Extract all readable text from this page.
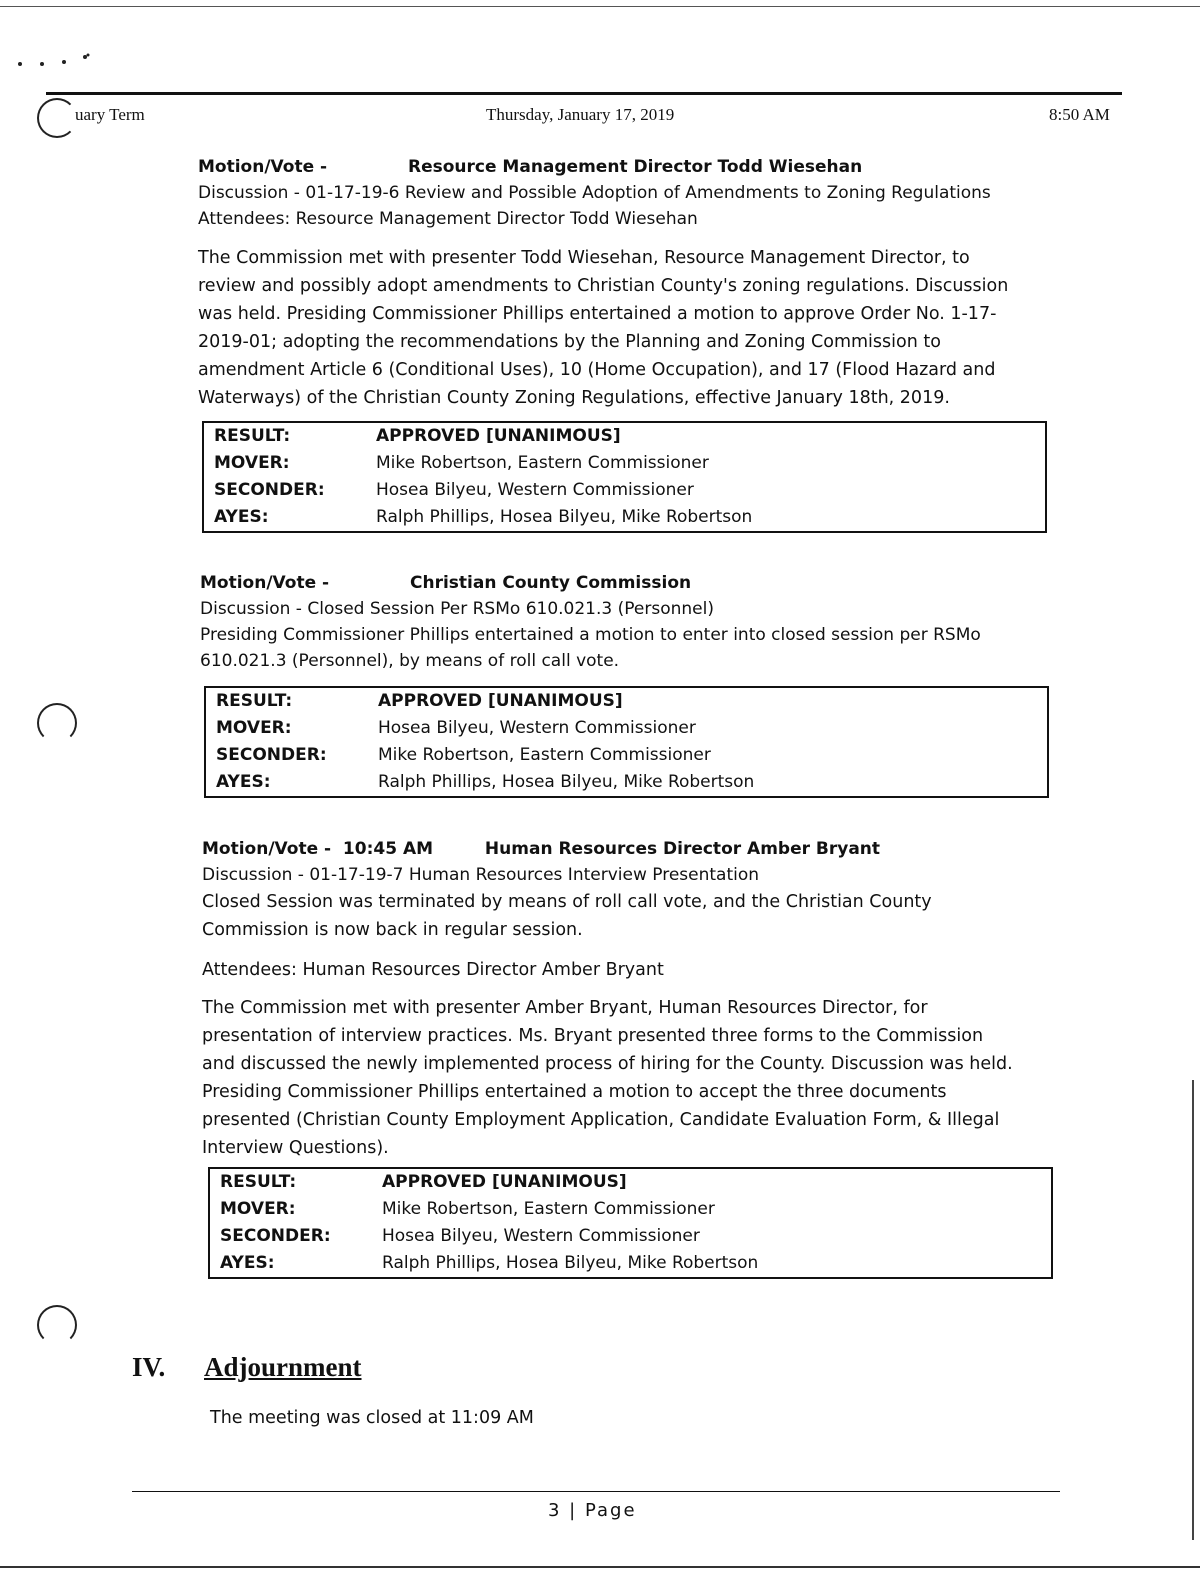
uary Term	Thursday, January 17, 2019	8:50 AM
Motion/Vote -	Resource Management Director Todd Wiesehan
Discussion - 01-17-19-6 Review and Possible Adoption of Amendments to Zoning Regulations
Attendees: Resource Management Director Todd Wiesehan
The Commission met with presenter Todd Wiesehan, Resource Management Director, to
review and possibly adopt amendments to Christian County's zoning regulations. Discussion
was held. Presiding Commissioner Phillips entertained a motion to approve Order No. 1-17-
2019-01; adopting the recommendations by the Planning and Zoning Commission to
amendment Article 6 (Conditional Uses), 10 (Home Occupation), and 17 (Flood Hazard and
Waterways) of the Christian County Zoning Regulations, effective January 18th, 2019.
RESULT:	APPROVED [UNANIMOUS]
MOVER:	Mike Robertson, Eastern Commissioner
SECONDER:	Hosea Bilyeu, Western Commissioner
AYES:	Ralph Phillips, Hosea Bilyeu, Mike Robertson
Motion/Vote -	Christian County Commission
Discussion - Closed Session Per RSMo 610.021.3 (Personnel)
Presiding Commissioner Phillips entertained a motion to enter into closed session per RSMo
610.021.3 (Personnel), by means of roll call vote.
RESULT:	APPROVED [UNANIMOUS]
MOVER:	Hosea Bilyeu, Western Commissioner
SECONDER:	Mike Robertson, Eastern Commissioner
AYES:	Ralph Phillips, Hosea Bilyeu, Mike Robertson
Motion/Vote - 10:45 AM	Human Resources Director Amber Bryant
Discussion - 01-17-19-7 Human Resources Interview Presentation
Closed Session was terminated by means of roll call vote, and the Christian County
Commission is now back in regular session.
Attendees: Human Resources Director Amber Bryant
The Commission met with presenter Amber Bryant, Human Resources Director, for
presentation of interview practices. Ms. Bryant presented three forms to the Commission
and discussed the newly implemented process of hiring for the County. Discussion was held.
Presiding Commissioner Phillips entertained a motion to accept the three documents
presented (Christian County Employment Application, Candidate Evaluation Form, & Illegal
Interview Questions).
RESULT:	APPROVED [UNANIMOUS]
MOVER:	Mike Robertson, Eastern Commissioner
SECONDER:	Hosea Bilyeu, Western Commissioner
AYES:	Ralph Phillips, Hosea Bilyeu, Mike Robertson
IV. Adjournment
The meeting was closed at 11:09 AM
3 | Page
